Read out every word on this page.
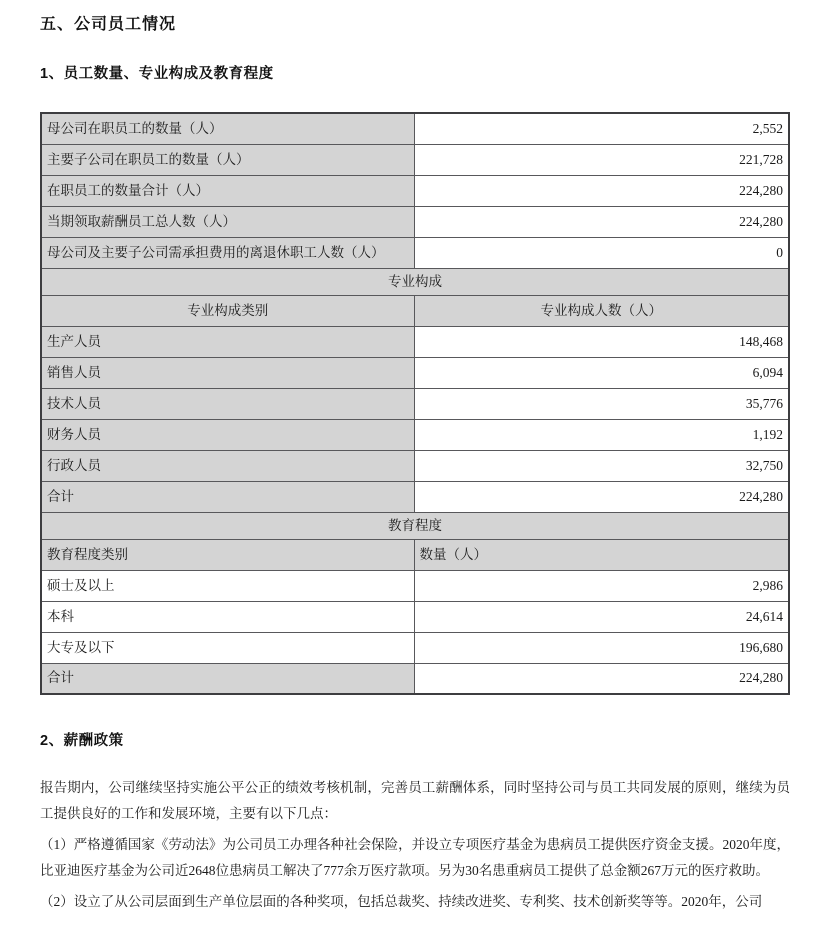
五、公司员工情况
1、员工数量、专业构成及教育程度
母公司在职员工的数量（人）	2,552
主要子公司在职员工的数量（人）	221,728
在职员工的数量合计（人）	224,280
当期领取薪酬员工总人数（人）	224,280
母公司及主要子公司需承担费用的离退休职工人数（人）	0
专业构成	
专业构成类别	专业构成人数（人）
生产人员	148,468
销售人员	6,094
技术人员	35,776
财务人员	1,192
行政人员	32,750
合计	224,280
教育程度	
教育程度类别	数量（人）
硕士及以上	2,986
本科	24,614
大专及以下	196,680
合计	224,280
2、薪酬政策

报告期内，公司继续坚持实施公平公正的绩效考核机制，完善员工薪酬体系，同时坚持公司与员工共同发展的原则，继续为员工提供良好的工作和发展环境，主要有以下几点：

（1）严格遵循国家《劳动法》为公司员工办理各种社会保险，并设立专项医疗基金为患病员工提供医疗资金支援。2020年度，比亚迪医疗基金为公司近2648位患病员工解决了777余万医疗款项。另为30名患重病员工提供了总金额267万元的医疗救助。

（2）设立了从公司层面到生产单位层面的各种奖项，包括总裁奖、持续改进奖、专利奖、技术创新奖等等。2020年，公司
